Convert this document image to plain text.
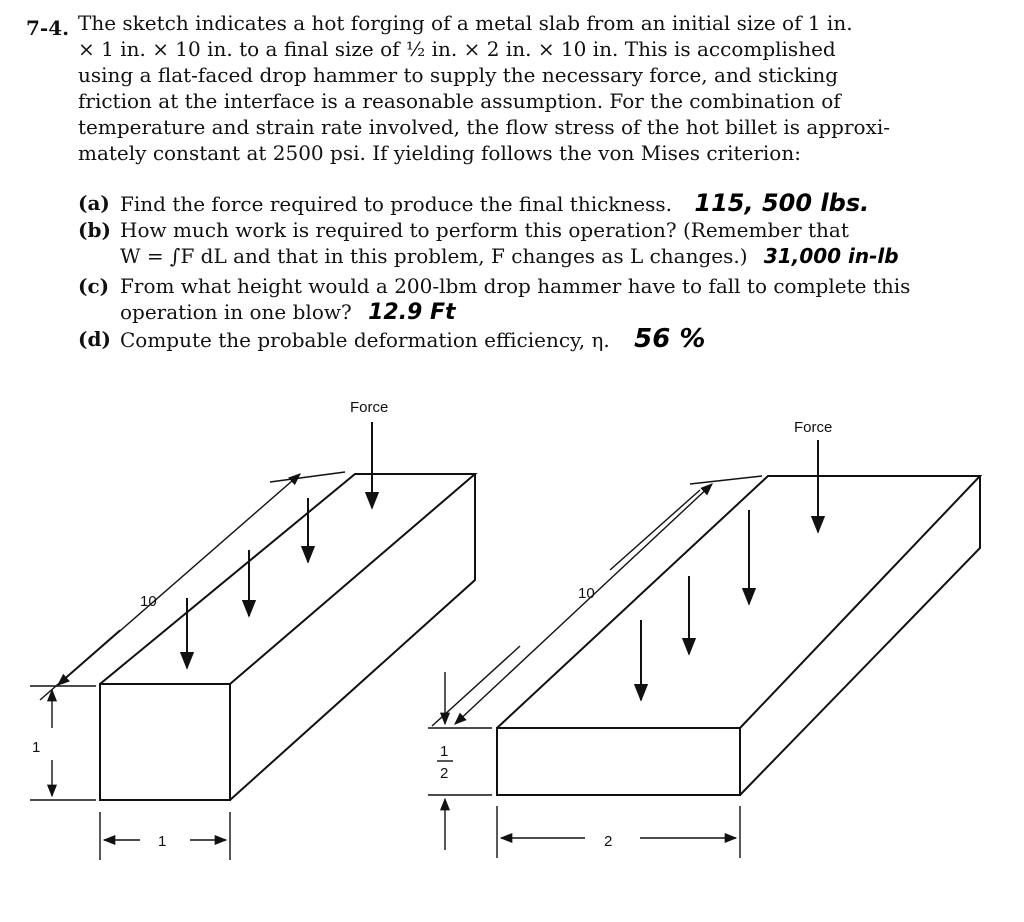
7-4. The sketch indicates a hot forging of a metal slab from an initial size of 1 in.
× 1 in. × 10 in. to a final size of ½ in. × 2 in. × 10 in. This is accomplished
using a flat-faced drop hammer to supply the necessary force, and sticking
friction at the interface is a reasonable assumption. For the combination of
temperature and strain rate involved, the flow stress of the hot billet is approxi-
mately constant at 2500 psi. If yielding follows the von Mises criterion:
(a) Find the force required to produce the final thickness. 115, 500 lbs.
(b) How much work is required to perform this operation? (Remember that
W = ∫F dL and that in this problem, F changes as L changes.) 31,000 in-lb
(c) From what height would a 200-lbm drop hammer have to fall to complete this
operation in one blow? 12.9 Ft
(d) Compute the probable deformation efficiency, η. 56 %
Force
10
1
1
Force
10
1
2
2
